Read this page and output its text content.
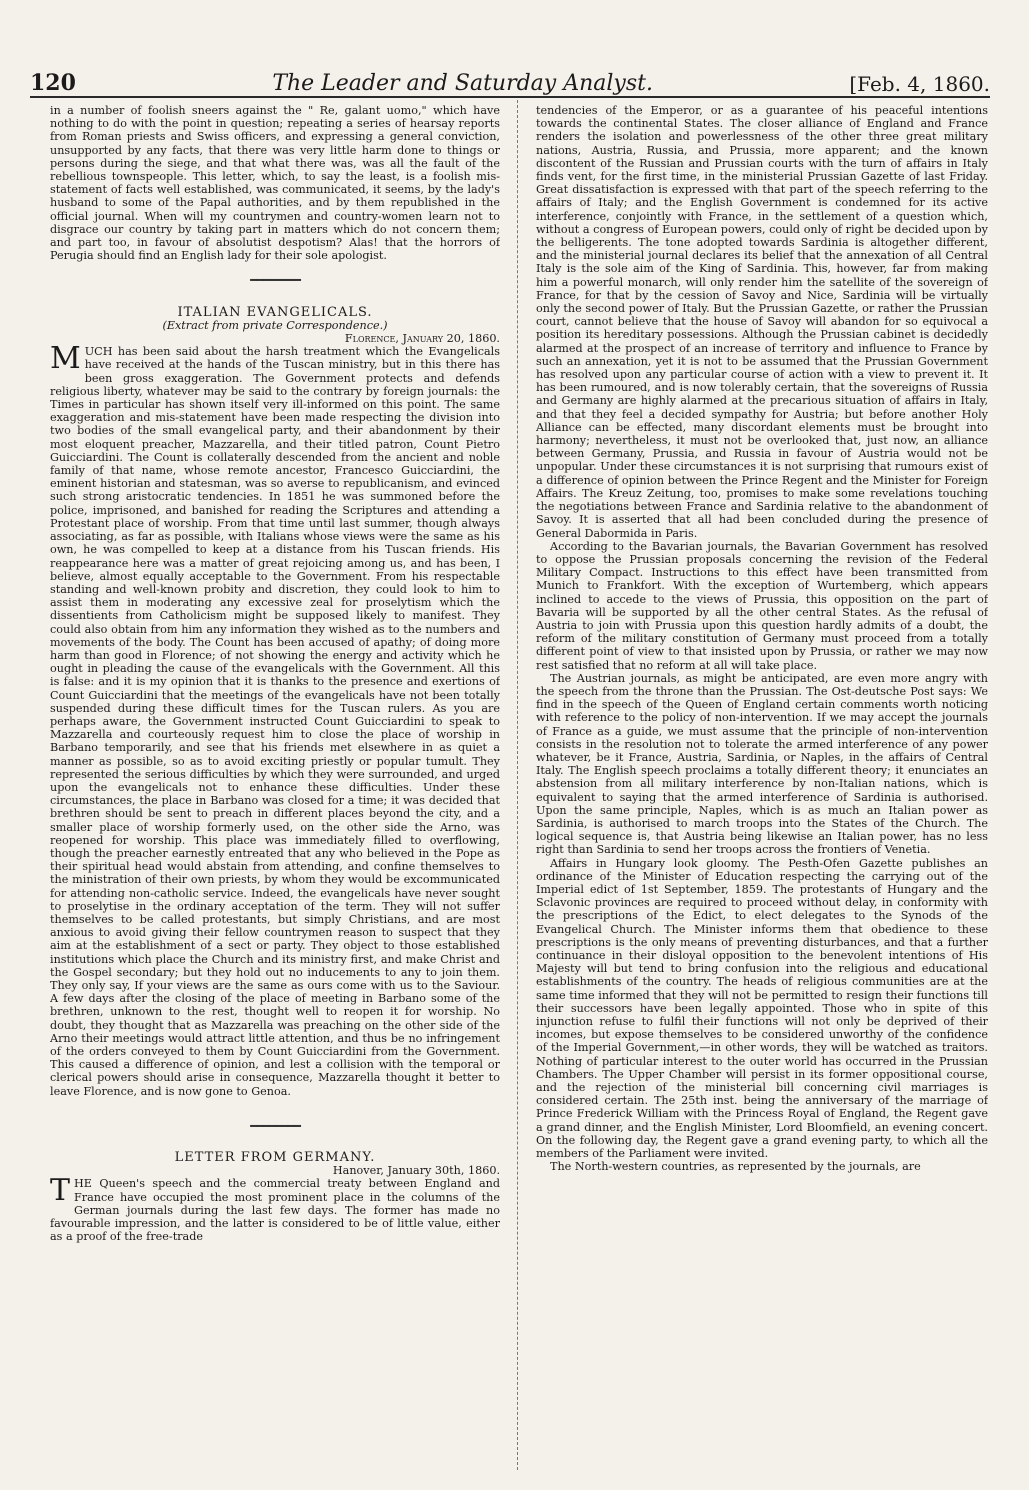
120	The Leader and Saturday Analyst.	[Feb. 4, 1860.

in a number of foolish sneers against the " Re, galant uomo," which have nothing to do with the point in question; repeating a series of hearsay reports from Roman priests and Swiss officers, and expressing a general conviction, unsupported by any facts, that there was very little harm done to things or persons during the siege, and that what there was, was all the fault of the rebellious townspeople. This letter, which, to say the least, is a foolish mis-statement of facts well established, was communicated, it seems, by the lady's husband to some of the Papal authorities, and by them republished in the official journal. When will my countrymen and country-women learn not to disgrace our country by taking part in matters which do not concern them; and part too, in favour of absolutist despotism? Alas! that the horrors of Perugia should find an English lady for their sole apologist.

━━━━━━━━
ITALIAN EVANGELICALS.
(Extract from private Correspondence.)
Florence, January 20, 1860.

MUCH has been said about the harsh treatment which the Evangelicals have received at the hands of the Tuscan ministry, but in this there has been gross exaggeration. The Government protects and defends religious liberty, whatever may be said to the contrary by foreign journals: the Times in particular has shown itself very ill-informed on this point. The same exaggeration and mis-statement have been made respecting the division into two bodies of the small evangelical party, and their abandonment by their most eloquent preacher, Mazzarella, and their titled patron, Count Pietro Guicciardini. The Count is collaterally descended from the ancient and noble family of that name, whose remote ancestor, Francesco Guicciardini, the eminent historian and statesman, was so averse to republicanism, and evinced such strong aristocratic tendencies. In 1851 he was summoned before the police, imprisoned, and banished for reading the Scriptures and attending a Protestant place of worship. From that time until last summer, though always associating, as far as possible, with Italians whose views were the same as his own, he was compelled to keep at a distance from his Tuscan friends. His reappearance here was a matter of great rejoicing among us, and has been, I believe, almost equally acceptable to the Government. From his respectable standing and well-known probity and discretion, they could look to him to assist them in moderating any excessive zeal for proselytism which the dissentients from Catholicism might be supposed likely to manifest. They could also obtain from him any information they wished as to the numbers and movements of the body. The Count has been accused of apathy; of doing more harm than good in Florence; of not showing the energy and activity which he ought in pleading the cause of the evangelicals with the Government. All this is false: and it is my opinion that it is thanks to the presence and exertions of Count Guicciardini that the meetings of the evangelicals have not been totally suspended during these difficult times for the Tuscan rulers. As you are perhaps aware, the Government instructed Count Guicciardini to speak to Mazzarella and courteously request him to close the place of worship in Barbano temporarily, and see that his friends met elsewhere in as quiet a manner as possible, so as to avoid exciting priestly or popular tumult. They represented the serious difficulties by which they were surrounded, and urged upon the evangelicals not to enhance these difficulties. Under these circumstances, the place in Barbano was closed for a time; it was decided that brethren should be sent to preach in different places beyond the city, and a smaller place of worship formerly used, on the other side the Arno, was reopened for worship. This place was immediately filled to overflowing, though the preacher earnestly entreated that any who believed in the Pope as their spiritual head would abstain from attending, and confine themselves to the ministration of their own priests, by whom they would be excommunicated for attending non-catholic service. Indeed, the evangelicals have never sought to proselytise in the ordinary acceptation of the term. They will not suffer themselves to be called protestants, but simply Christians, and are most anxious to avoid giving their fellow countrymen reason to suspect that they aim at the establishment of a sect or party. They object to those established institutions which place the Church and its ministry first, and make Christ and the Gospel secondary; but they hold out no inducements to any to join them. They only say, If your views are the same as ours come with us to the Saviour. A few days after the closing of the place of meeting in Barbano some of the brethren, unknown to the rest, thought well to reopen it for worship. No doubt, they thought that as Mazzarella was preaching on the other side of the Arno their meetings would attract little attention, and thus be no infringement of the orders conveyed to them by Count Guicciardini from the Government. This caused a difference of opinion, and lest a collision with the temporal or clerical powers should arise in consequence, Mazzarella thought it better to leave Florence, and is now gone to Genoa.

━━━━━━━━
LETTER FROM GERMANY.
Hanover, January 30th, 1860.

THE Queen's speech and the commercial treaty between England and France have occupied the most prominent place in the columns of the German journals during the last few days. The former has made no favourable impression, and the latter is considered to be of little value, either as a proof of the free-trade

tendencies of the Emperor, or as a guarantee of his peaceful intentions towards the continental States. The closer alliance of England and France renders the isolation and powerlessness of the other three great military nations, Austria, Russia, and Prussia, more apparent; and the known discontent of the Russian and Prussian courts with the turn of affairs in Italy finds vent, for the first time, in the ministerial Prussian Gazette of last Friday. Great dissatisfaction is expressed with that part of the speech referring to the affairs of Italy; and the English Government is condemned for its active interference, conjointly with France, in the settlement of a question which, without a congress of European powers, could only of right be decided upon by the belligerents. The tone adopted towards Sardinia is altogether different, and the ministerial journal declares its belief that the annexation of all Central Italy is the sole aim of the King of Sardinia. This, however, far from making him a powerful monarch, will only render him the satellite of the sovereign of France, for that by the cession of Savoy and Nice, Sardinia will be virtually only the second power of Italy. But the Prussian Gazette, or rather the Prussian court, cannot believe that the house of Savoy will abandon for so equivocal a position its hereditary possessions. Although the Prussian cabinet is decidedly alarmed at the prospect of an increase of territory and influence to France by such an annexation, yet it is not to be assumed that the Prussian Government has resolved upon any particular course of action with a view to prevent it. It has been rumoured, and is now tolerably certain, that the sovereigns of Russia and Germany are highly alarmed at the precarious situation of affairs in Italy, and that they feel a decided sympathy for Austria; but before another Holy Alliance can be effected, many discordant elements must be brought into harmony; nevertheless, it must not be overlooked that, just now, an alliance between Germany, Prussia, and Russia in favour of Austria would not be unpopular. Under these circumstances it is not surprising that rumours exist of a difference of opinion between the Prince Regent and the Minister for Foreign Affairs. The Kreuz Zeitung, too, promises to make some revelations touching the negotiations between France and Sardinia relative to the abandonment of Savoy. It is asserted that all had been concluded during the presence of General Dabormida in Paris.

According to the Bavarian journals, the Bavarian Government has resolved to oppose the Prussian proposals concerning the revision of the Federal Military Compact. Instructions to this effect have been transmitted from Munich to Frankfort. With the exception of Wurtemberg, which appears inclined to accede to the views of Prussia, this opposition on the part of Bavaria will be supported by all the other central States. As the refusal of Austria to join with Prussia upon this question hardly admits of a doubt, the reform of the military constitution of Germany must proceed from a totally different point of view to that insisted upon by Prussia, or rather we may now rest satisfied that no reform at all will take place.

The Austrian journals, as might be anticipated, are even more angry with the speech from the throne than the Prussian. The Ost-deutsche Post says: We find in the speech of the Queen of England certain comments worth noticing with reference to the policy of non-intervention. If we may accept the journals of France as a guide, we must assume that the principle of non-intervention consists in the resolution not to tolerate the armed interference of any power whatever, be it France, Austria, Sardinia, or Naples, in the affairs of Central Italy. The English speech proclaims a totally different theory; it enunciates an abstension from all military interference by non-Italian nations, which is equivalent to saying that the armed interference of Sardinia is authorised. Upon the same principle, Naples, which is as much an Italian power as Sardinia, is authorised to march troops into the States of the Church. The logical sequence is, that Austria being likewise an Italian power, has no less right than Sardinia to send her troops across the frontiers of Venetia.

Affairs in Hungary look gloomy. The Pesth-Ofen Gazette publishes an ordinance of the Minister of Education respecting the carrying out of the Imperial edict of 1st September, 1859. The protestants of Hungary and the Sclavonic provinces are required to proceed without delay, in conformity with the prescriptions of the Edict, to elect delegates to the Synods of the Evangelical Church. The Minister informs them that obedience to these prescriptions is the only means of preventing disturbances, and that a further continuance in their disloyal opposition to the benevolent intentions of His Majesty will but tend to bring confusion into the religious and educational establishments of the country. The heads of religious communities are at the same time informed that they will not be permitted to resign their functions till their successors have been legally appointed. Those who in spite of this injunction refuse to fulfil their functions will not only be deprived of their incomes, but expose themselves to be considered unworthy of the confidence of the Imperial Government,—in other words, they will be watched as traitors. Nothing of particular interest to the outer world has occurred in the Prussian Chambers. The Upper Chamber will persist in its former oppositional course, and the rejection of the ministerial bill concerning civil marriages is considered certain. The 25th inst. being the anniversary of the marriage of Prince Frederick William with the Princess Royal of England, the Regent gave a grand dinner, and the English Minister, Lord Bloomfield, an evening concert. On the following day, the Regent gave a grand evening party, to which all the members of the Parliament were invited.

The North-western countries, as represented by the journals, are
